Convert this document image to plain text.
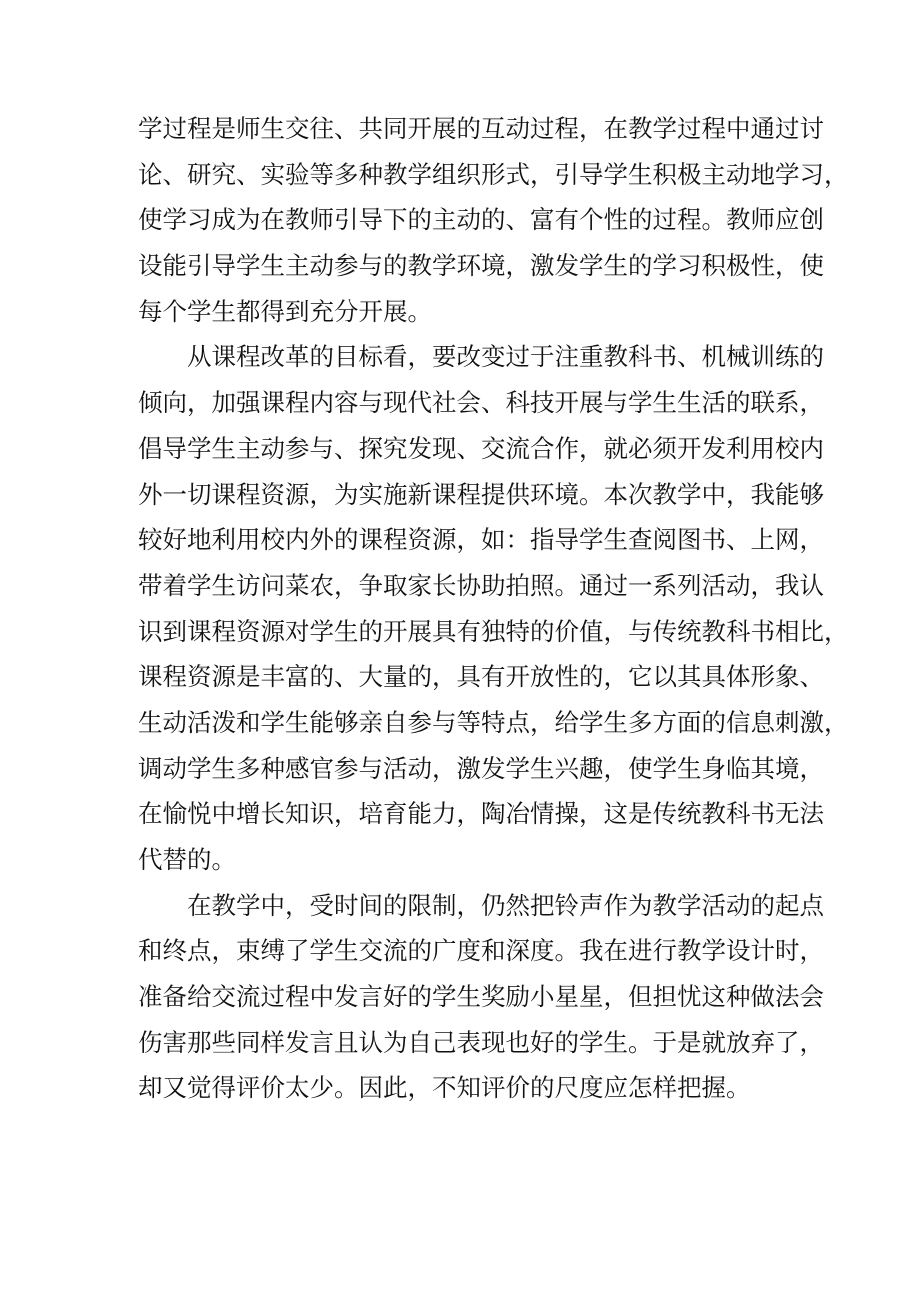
学过程是师生交往、共同开展的互动过程，在教学过程中通过讨
论、研究、实验等多种教学组织形式，引导学生积极主动地学习，
使学习成为在教师引导下的主动的、富有个性的过程。教师应创
设能引导学生主动参与的教学环境，激发学生的学习积极性，使
每个学生都得到充分开展。
从课程改革的目标看，要改变过于注重教科书、机械训练的
倾向，加强课程内容与现代社会、科技开展与学生生活的联系，
倡导学生主动参与、探究发现、交流合作，就必须开发利用校内
外一切课程资源，为实施新课程提供环境。本次教学中，我能够
较好地利用校内外的课程资源，如：指导学生查阅图书、上网，
带着学生访问菜农，争取家长协助拍照。通过一系列活动，我认
识到课程资源对学生的开展具有独特的价值，与传统教科书相比，
课程资源是丰富的、大量的，具有开放性的，它以其具体形象、
生动活泼和学生能够亲自参与等特点，给学生多方面的信息刺激，
调动学生多种感官参与活动，激发学生兴趣，使学生身临其境，
在愉悦中增长知识，培育能力，陶冶情操，这是传统教科书无法
代替的。
在教学中，受时间的限制，仍然把铃声作为教学活动的起点
和终点，束缚了学生交流的广度和深度。我在进行教学设计时，
准备给交流过程中发言好的学生奖励小星星，但担忧这种做法会
伤害那些同样发言且认为自己表现也好的学生。于是就放弃了，
却又觉得评价太少。因此，不知评价的尺度应怎样把握。
